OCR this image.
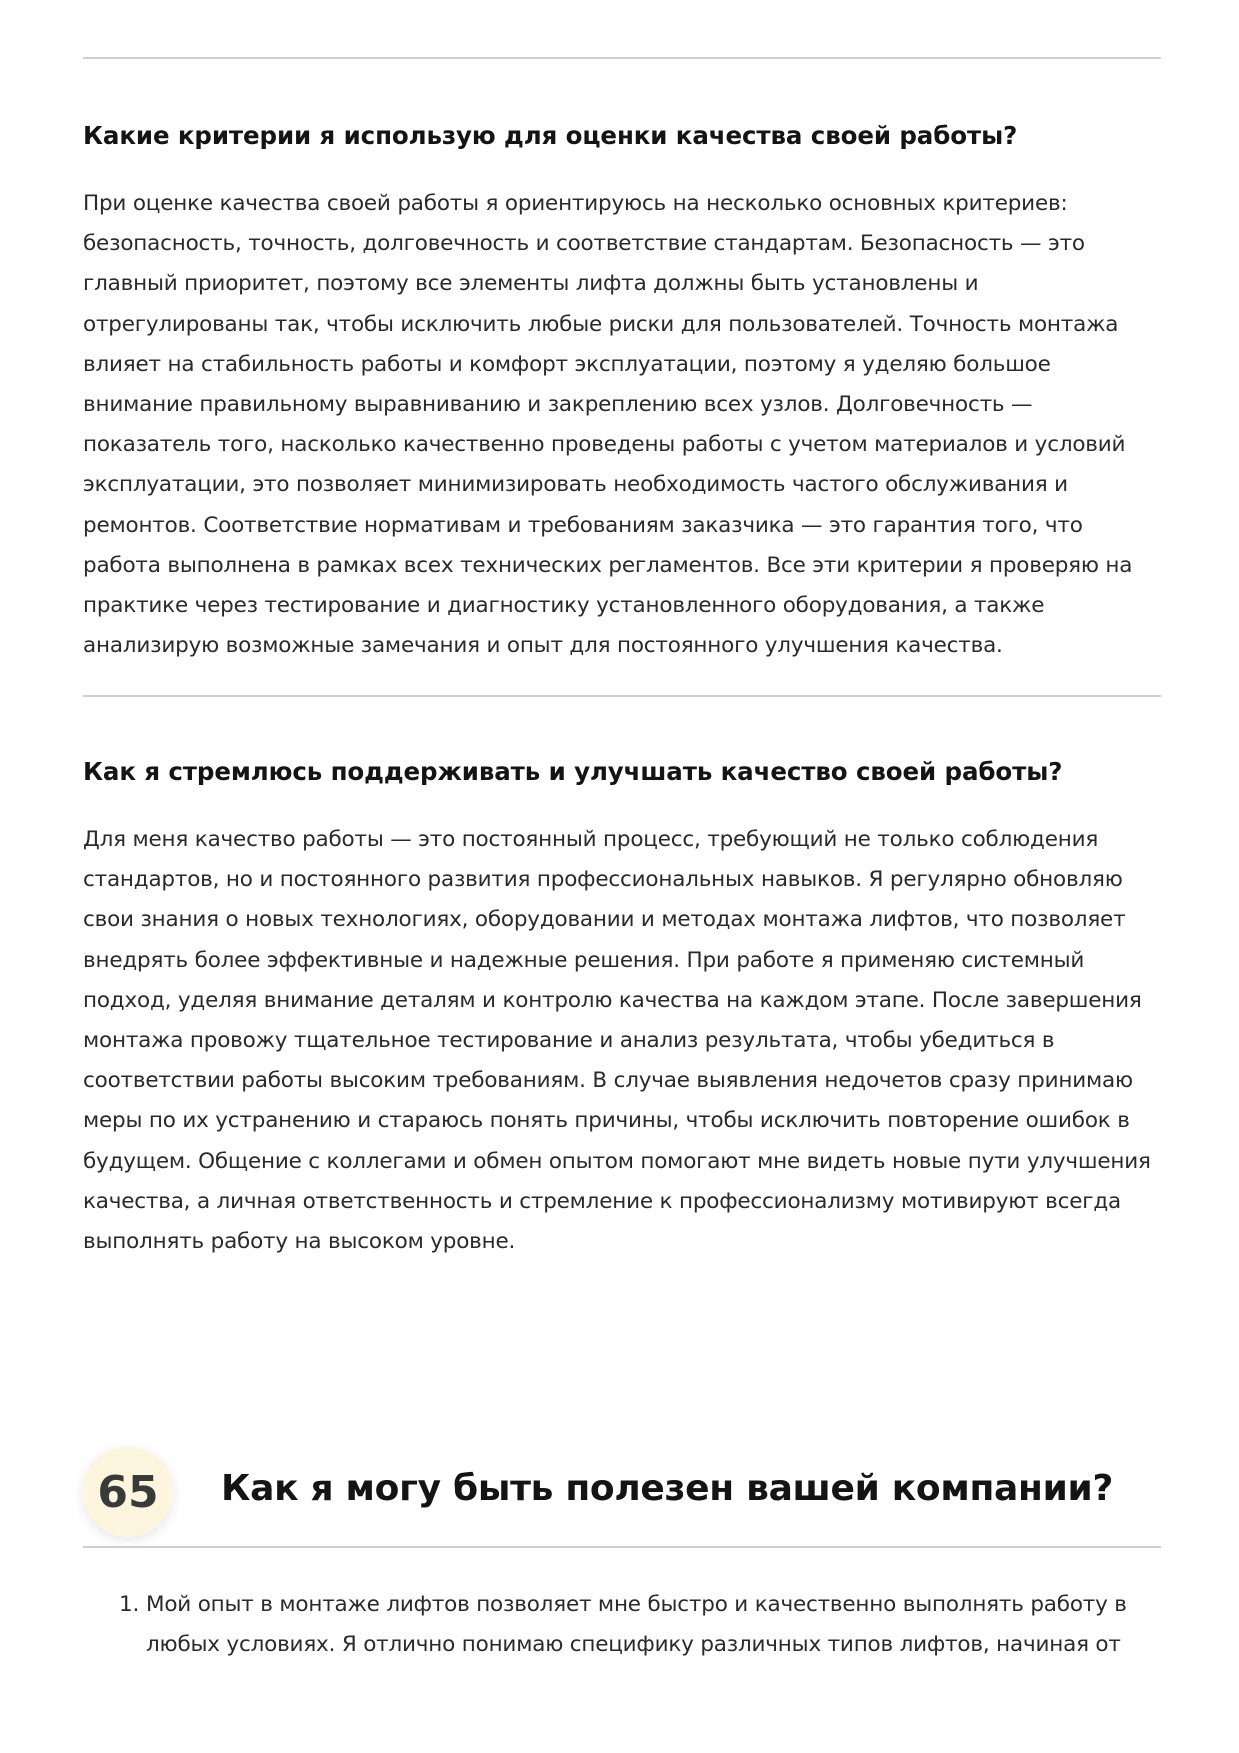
Какие критерии я использую для оценки качества своей работы?

При оценке качества своей работы я ориентируюсь на несколько основных критериев: безопасность, точность, долговечность и соответствие стандартам. Безопасность — это главный приоритет, поэтому все элементы лифта должны быть установлены и отрегулированы так, чтобы исключить любые риски для пользователей. Точность монтажа влияет на стабильность работы и комфорт эксплуатации, поэтому я уделяю большое внимание правильному выравниванию и закреплению всех узлов. Долговечность — показатель того, насколько качественно проведены работы с учетом материалов и условий эксплуатации, это позволяет минимизировать необходимость частого обслуживания и ремонтов. Соответствие нормативам и требованиям заказчика — это гарантия того, что работа выполнена в рамках всех технических регламентов. Все эти критерии я проверяю на практике через тестирование и диагностику установленного оборудования, а также анализирую возможные замечания и опыт для постоянного улучшения качества.

Как я стремлюсь поддерживать и улучшать качество своей работы?

Для меня качество работы — это постоянный процесс, требующий не только соблюдения стандартов, но и постоянного развития профессиональных навыков. Я регулярно обновляю свои знания о новых технологиях, оборудовании и методах монтажа лифтов, что позволяет внедрять более эффективные и надежные решения. При работе я применяю системный подход, уделяя внимание деталям и контролю качества на каждом этапе. После завершения монтажа провожу тщательное тестирование и анализ результата, чтобы убедиться в соответствии работы высоким требованиям. В случае выявления недочетов сразу принимаю меры по их устранению и стараюсь понять причины, чтобы исключить повторение ошибок в будущем. Общение с коллегами и обмен опытом помогают мне видеть новые пути улучшения качества, а личная ответственность и стремление к профессионализму мотивируют всегда выполнять работу на высоком уровне.

65	Как я могу быть полезен вашей компании?
1. Мой опыт в монтаже лифтов позволяет мне быстро и качественно выполнять работу в любых условиях. Я отлично понимаю специфику различных типов лифтов, начиная от
